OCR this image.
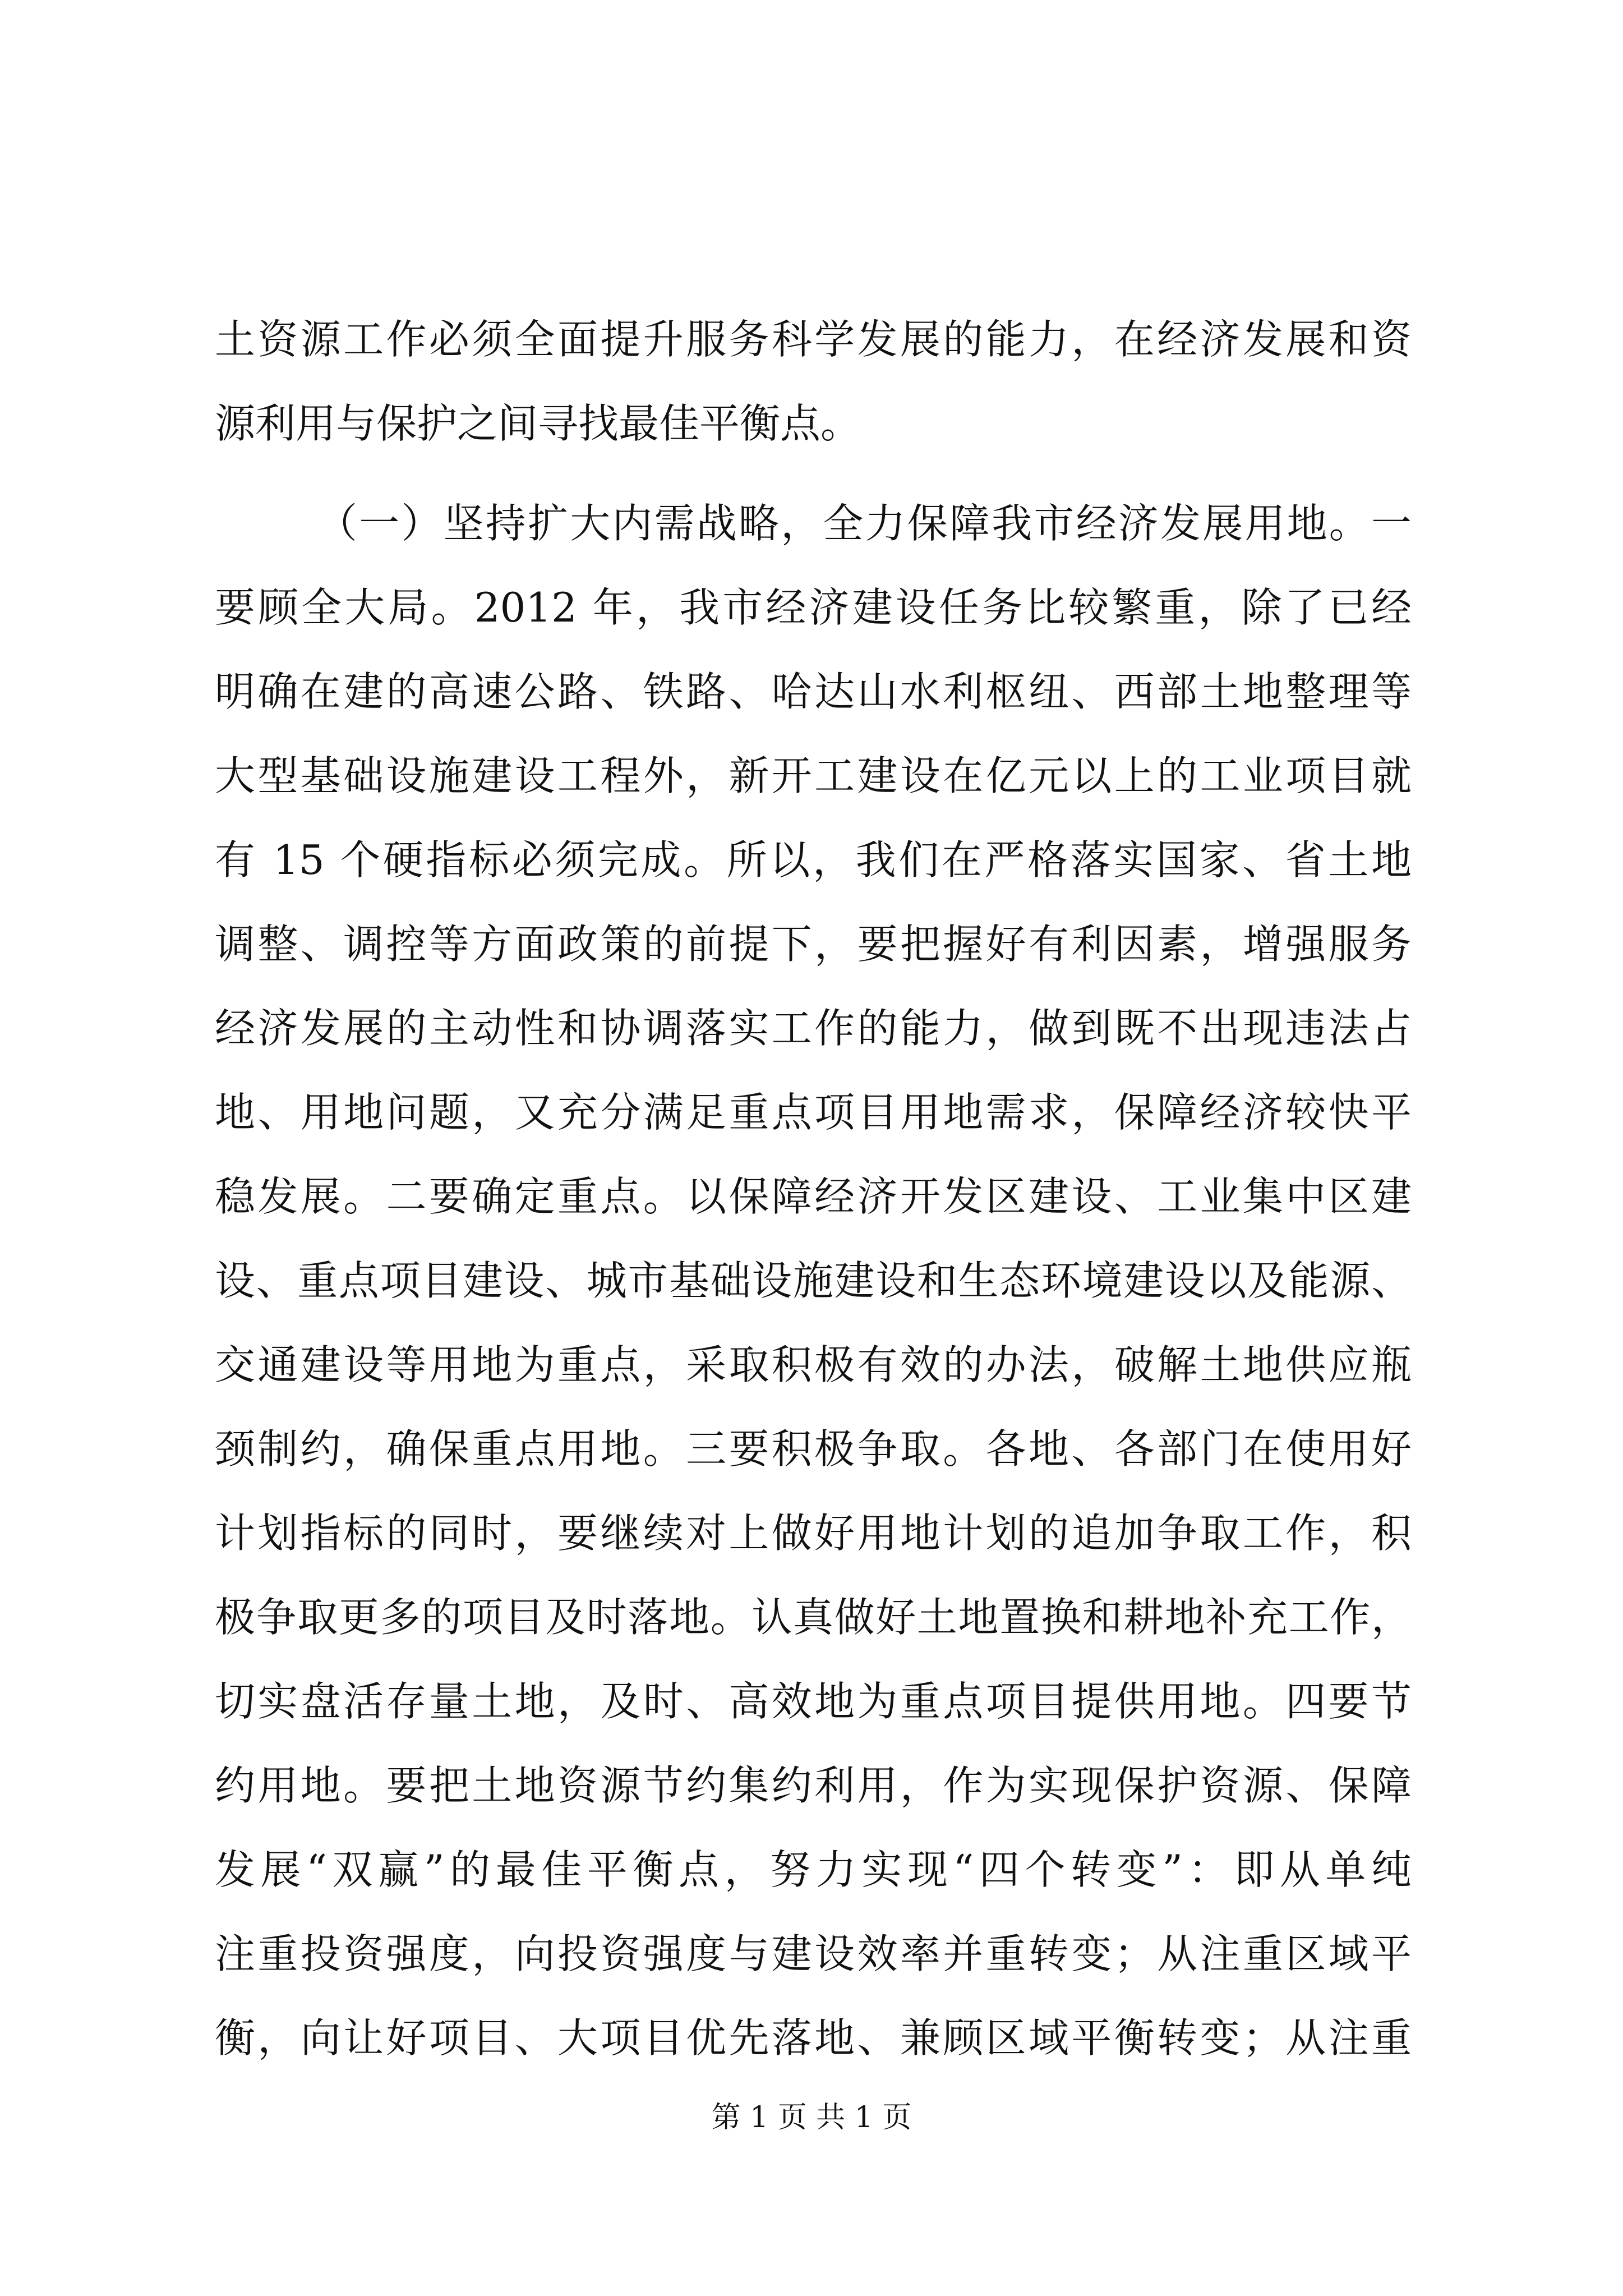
土资源工作必须全面提升服务科学发展的能力，在经济发展和资
源利用与保护之间寻找最佳平衡点。
（一）坚持扩大内需战略，全力保障我市经济发展用地。一
要顾全大局。2012 年，我市经济建设任务比较繁重，除了已经
明确在建的高速公路、铁路、哈达山水利枢纽、西部土地整理等
大型基础设施建设工程外，新开工建设在亿元以上的工业项目就
有 15 个硬指标必须完成。所以，我们在严格落实国家、省土地
调整、调控等方面政策的前提下，要把握好有利因素，增强服务
经济发展的主动性和协调落实工作的能力，做到既不出现违法占
地、用地问题，又充分满足重点项目用地需求，保障经济较快平
稳发展。二要确定重点。以保障经济开发区建设、工业集中区建
设、重点项目建设、城市基础设施建设和生态环境建设以及能源、
交通建设等用地为重点，采取积极有效的办法，破解土地供应瓶
颈制约，确保重点用地。三要积极争取。各地、各部门在使用好
计划指标的同时，要继续对上做好用地计划的追加争取工作，积
极争取更多的项目及时落地。认真做好土地置换和耕地补充工作，
切实盘活存量土地，及时、高效地为重点项目提供用地。四要节
约用地。要把土地资源节约集约利用，作为实现保护资源、保障
发展“双赢”的最佳平衡点，努力实现“四个转变”：即从单纯
注重投资强度，向投资强度与建设效率并重转变；从注重区域平
衡，向让好项目、大项目优先落地、兼顾区域平衡转变；从注重
第 1 页 共 1 页
